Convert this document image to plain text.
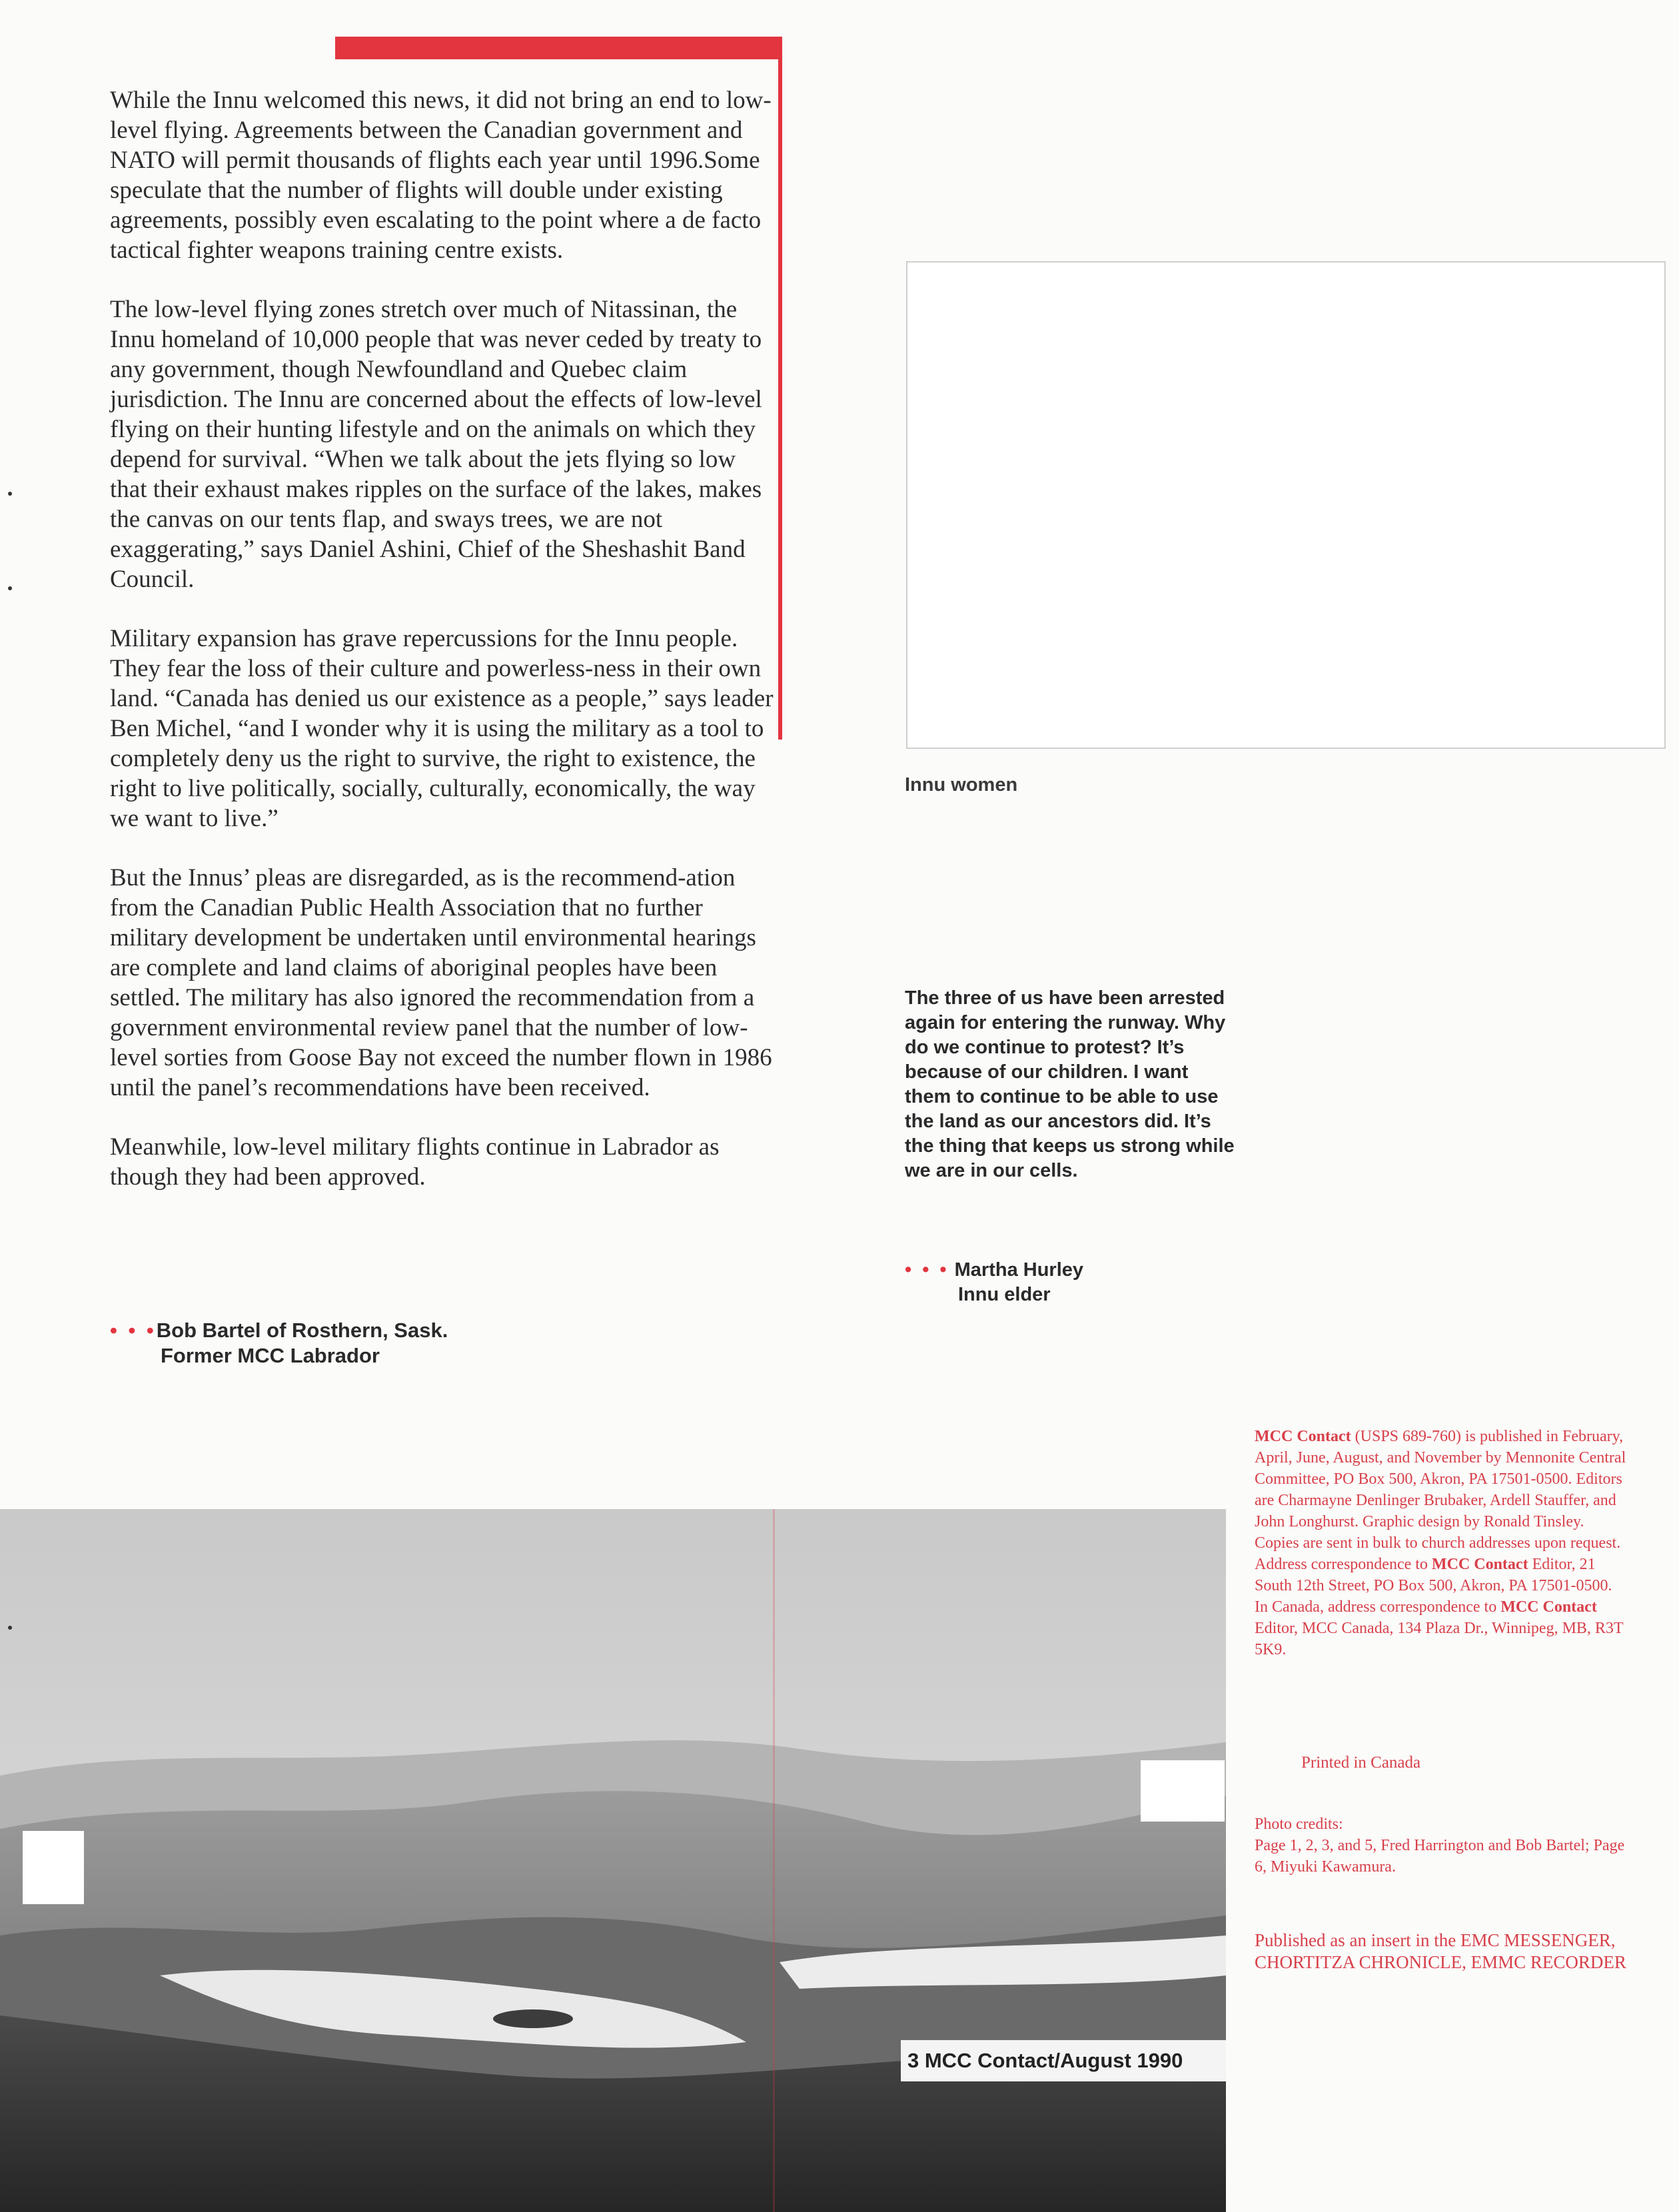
While the Innu welcomed this news, it did not bring an end to low-level flying. Agreements between the Canadian government and NATO will permit thousands of flights each year until 1996.Some speculate that the number of flights will double under existing agreements, possibly even escalating to the point where a de facto tactical fighter weapons training centre exists.

The low-level flying zones stretch over much of Nitassinan, the Innu homeland of 10,000 people that was never ceded by treaty to any government, though Newfoundland and Quebec claim jurisdiction. The Innu are concerned about the effects of low-level flying on their hunting lifestyle and on the animals on which they depend for survival. “When we talk about the jets flying so low that their exhaust makes ripples on the surface of the lakes, makes the canvas on our tents flap, and sways trees, we are not exaggerating,” says Daniel Ashini, Chief of the Sheshashit Band Council.

Military expansion has grave repercussions for the Innu people. They fear the loss of their culture and powerless-ness in their own land. “Canada has denied us our existence as a people,” says leader Ben Michel, “and I wonder why it is using the military as a tool to completely deny us the right to survive, the right to existence, the right to live politically, socially, culturally, economically, the way we want to live.”

But the Innus’ pleas are disregarded, as is the recommend-ation from the Canadian Public Health Association that no further military development be undertaken until environmental hearings are complete and land claims of aboriginal peoples have been settled. The military has also ignored the recommendation from a government environmental review panel that the number of low-level sorties from Goose Bay not exceed the number flown in 1986 until the panel’s recommendations have been received.

Meanwhile, low-level military flights continue in Labrador as though they had been approved.

• • •Bob Bartel of Rosthern, Sask.
Former MCC Labrador
Innu women
The three of us have been arrested again for entering the runway. Why do we continue to protest? It’s because of our children. I want them to continue to be able to use the land as our ancestors did. It’s the thing that keeps us strong while we are in our cells.
• • • Martha Hurley
Innu elder
MCC Contact (USPS 689-760) is published in February, April, June, August, and November by Mennonite Central Committee, PO Box 500, Akron, PA 17501-0500. Editors are Charmayne Denlinger Brubaker, Ardell Stauffer, and John Longhurst. Graphic design by Ronald Tinsley. Copies are sent in bulk to church addresses upon request. Address correspondence to MCC Contact Editor, 21 South 12th Street, PO Box 500, Akron, PA 17501-0500. In Canada, address correspondence to MCC Contact Editor, MCC Canada, 134 Plaza Dr., Winnipeg, MB, R3T 5K9.
Printed in Canada
Photo credits:
Page 1, 2, 3, and 5, Fred Harrington and Bob Bartel; Page 6, Miyuki Kawamura.
Published as an insert in the EMC MESSENGER, CHORTITZA CHRONICLE, EMMC RECORDER
3 MCC Contact/August 1990
